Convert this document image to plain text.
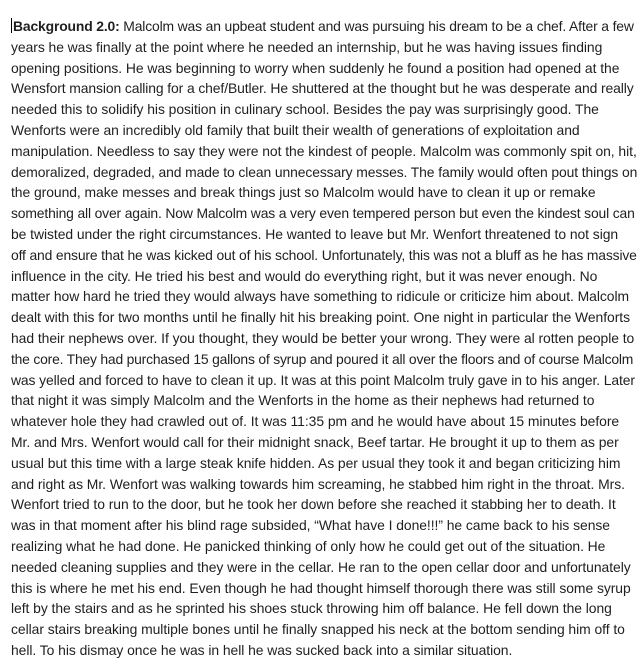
Background 2.0: Malcolm was an upbeat student and was pursuing his dream to be a chef. After a few
years he was finally at the point where he needed an internship, but he was having issues finding
opening positions. He was beginning to worry when suddenly he found a position had opened at the
Wensfort mansion calling for a chef/Butler. He shuttered at the thought but he was desperate and really
needed this to solidify his position in culinary school. Besides the pay was surprisingly good. The
Wenforts were an incredibly old family that built their wealth of generations of exploitation and
manipulation. Needless to say they were not the kindest of people. Malcolm was commonly spit on, hit,
demoralized, degraded, and made to clean unnecessary messes. The family would often pout things on
the ground, make messes and break things just so Malcolm would have to clean it up or remake
something all over again. Now Malcolm was a very even tempered person but even the kindest soul can
be twisted under the right circumstances. He wanted to leave but Mr. Wenfort threatened to not sign
off and ensure that he was kicked out of his school. Unfortunately, this was not a bluff as he has massive
influence in the city. He tried his best and would do everything right, but it was never enough. No
matter how hard he tried they would always have something to ridicule or criticize him about. Malcolm
dealt with this for two months until he finally hit his breaking point. One night in particular the Wenforts
had their nephews over. If you thought, they would be better your wrong. They were al rotten people to
the core. They had purchased 15 gallons of syrup and poured it all over the floors and of course Malcolm
was yelled and forced to have to clean it up. It was at this point Malcolm truly gave in to his anger. Later
that night it was simply Malcolm and the Wenforts in the home as their nephews had returned to
whatever hole they had crawled out of. It was 11:35 pm and he would have about 15 minutes before
Mr. and Mrs. Wenfort would call for their midnight snack, Beef tartar. He brought it up to them as per
usual but this time with a large steak knife hidden. As per usual they took it and began criticizing him
and right as Mr. Wenfort was walking towards him screaming, he stabbed him right in the throat. Mrs.
Wenfort tried to run to the door, but he took her down before she reached it stabbing her to death. It
was in that moment after his blind rage subsided, “What have I done!!!” he came back to his sense
realizing what he had done. He panicked thinking of only how he could get out of the situation. He
needed cleaning supplies and they were in the cellar. He ran to the open cellar door and unfortunately
this is where he met his end. Even though he had thought himself thorough there was still some syrup
left by the stairs and as he sprinted his shoes stuck throwing him off balance. He fell down the long
cellar stairs breaking multiple bones until he finally snapped his neck at the bottom sending him off to
hell. To his dismay once he was in hell he was sucked back into a similar situation.
